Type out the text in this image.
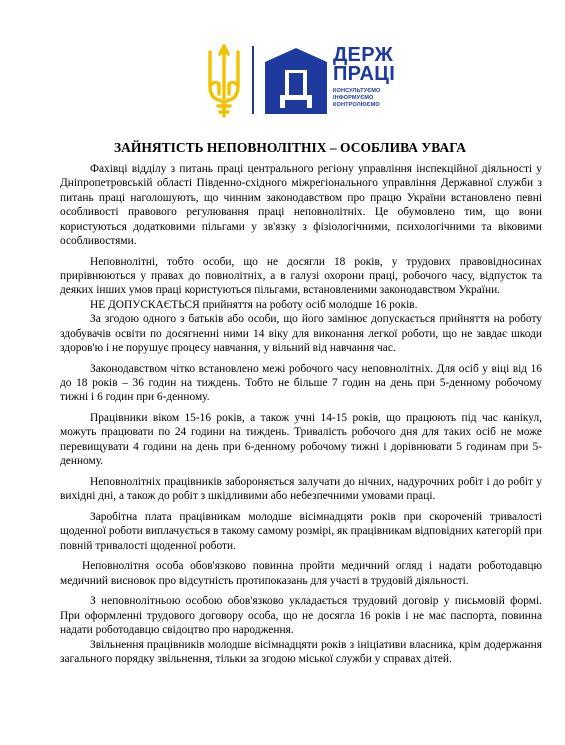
ДЕРЖ
ПРАЦІ
КОНСУЛЬТУЄМО
ІНФОРМУЄМО
КОНТРОЛЮЄМО
ЗАЙНЯТІСТЬ НЕПОВНОЛІТНІХ – ОСОБЛИВА УВАГА

Фахівці відділу з питань праці центрального регіону управління інспекційної діяльності у Дніпропетровській області Південно-східного міжрегіонального управління Державної служби з питань праці наголошують, що чинним законодавством про працю України встановлено певні особливості правового регулювання праці неповнолітніх. Це обумовлено тим, що вони користуються додатковими пільгами у зв'язку з фізіологічними, психологічними та віковими особливостями.

Неповнолітні, тобто особи, що не досягли 18 років, у трудових правовідносинах прирівнюються у правах до повнолітніх, а в галузі охорони праці, робочого часу, відпусток та деяких інших умов праці користуються пільгами, встановленими законодавством України.

НЕ ДОПУСКАЄТЬСЯ прийняття на роботу осіб молодше 16 років.

За згодою одного з батьків або особи, що його замінює допускається прийняття на роботу здобувачів освіти по досягненні ними 14 віку для виконання легкої роботи, що не завдає шкоди здоров'ю і не порушує процесу навчання, у вільний від навчання час.

Законодавством чітко встановлено межі робочого часу неповнолітніх. Для осіб у віці від 16 до 18 років – 36 годин на тиждень. Тобто не більше 7 годин на день при 5-денному робочому тижні і 6 годин при 6-денному.

Працівники віком 15-16 років, а також учні 14-15 років, що працюють під час канікул, можуть працювати по 24 години на тиждень. Тривалість робочого дня для таких осіб не може перевищувати 4 години на день при 6-денному робочому тижні і дорівнювати 5 годинам при 5-денному.

Неповнолітніх працівників забороняється залучати до нічних, надурочних робіт і до робіт у вихідні дні, а також до робіт з шкідливими або небезпечними умовами праці.

Заробітна плата працівникам молодше вісімнадцяти років при скороченій тривалості щоденної роботи виплачується в такому самому розмірі, як працівникам відповідних категорій при повній тривалості щоденної роботи.

Неповнолітня особа обов'язково повинна пройти медичний огляд і надати роботодавцю медичний висновок про відсутність протипоказань для участі в трудовій діяльності.

З неповнолітньою особою обов'язково укладається трудовий договір у письмовій формі. При оформленні трудового договору особа, що не досягла 16 років і не має паспорта, повинна надати роботодавцю свідоцтво про народження.

Звільнення працівників молодше вісімнадцяти років з ініціативи власника, крім додержання загального порядку звільнення, тільки за згодою міської служби у справах дітей.
